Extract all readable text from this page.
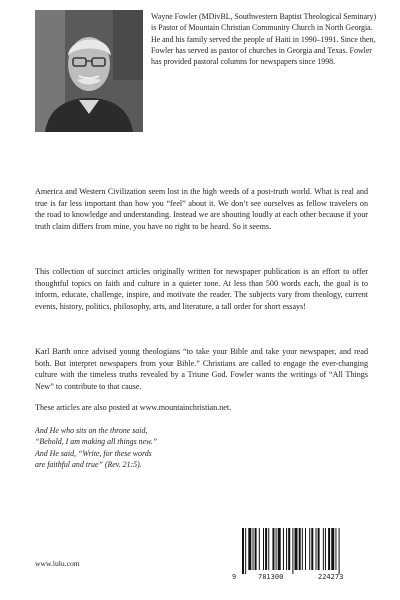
Wayne Fowler (MDivBL, Southwestern Baptist Theological Seminary) is Pastor of Mountain Christian Community Church in North Georgia. He and his family served the people of Haiti in 1990–1991. Since then, Fowler has served as pastor of churches in Georgia and Texas. Fowler has provided pastoral columns for newspapers since 1998.

America and Western Civilization seem lost in the high weeds of a post-truth world. What is real and true is far less important than how you “feel” about it. We don’t see ourselves as fellow travelers on the road to knowledge and understanding. Instead we are shouting loudly at each other because if your truth claim differs from mine, you have no right to be heard. So it seems.

This collection of succinct articles originally written for newspaper publication is an effort to offer thoughtful topics on faith and culture in a quieter tone. At less than 500 words each, the goal is to inform, educate, challenge, inspire, and motivate the reader. The subjects vary from theology, current events, history, politics, philosophy, arts, and literature, a tall order for short essays!

Karl Barth once advised young theologians “to take your Bible and take your newspaper, and read both. But interpret newspapers from your Bible.” Christians are called to engage the ever-changing culture with the timeless truths revealed by a Triune God. Fowler wants the writings of “All Things New” to contribute to that cause.

These articles are also posted at www.mountainchristian.net.

And He who sits on the throne said,
“Behold, I am making all things new.”
And He said, “Write, for these words
are faithful and true” (Rev. 21:5).

www.lulu.com

9	781300	224273
